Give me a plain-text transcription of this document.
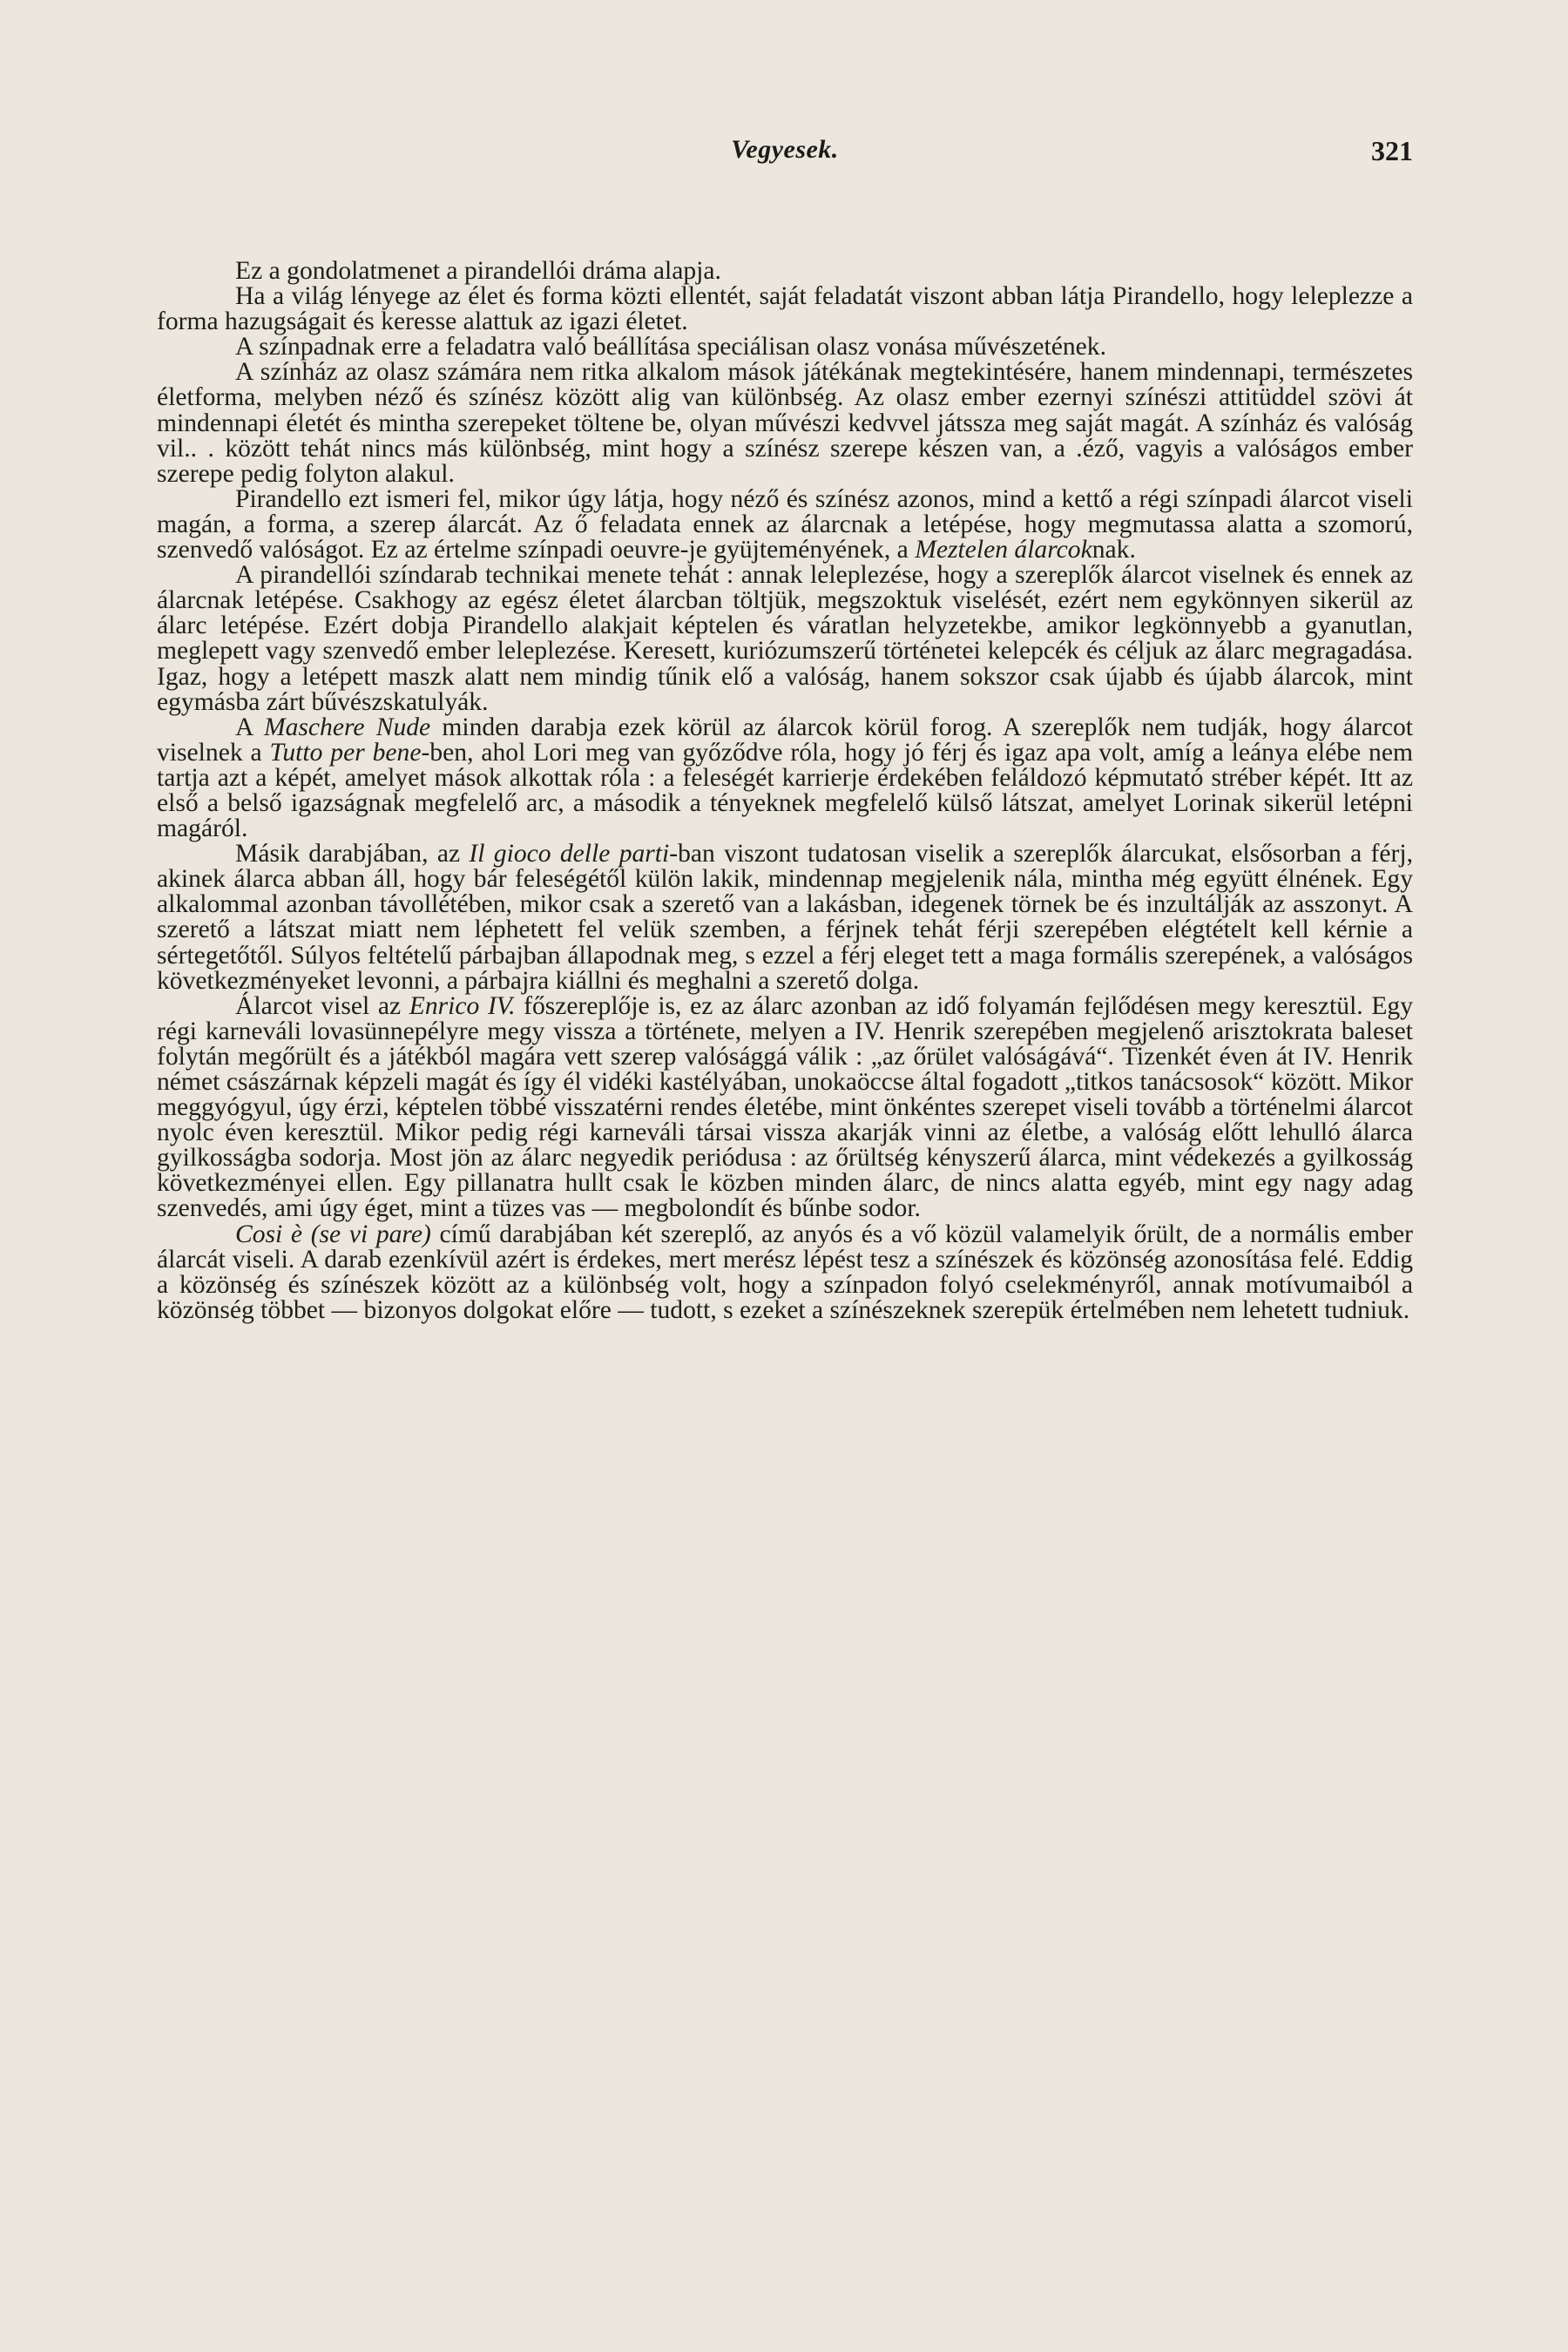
Vegyesek.	321

Ez a gondolatmenet a pirandellói dráma alapja.

Ha a világ lényege az élet és forma közti ellentét, saját feladatát viszont abban látja Pirandello, hogy leleplezze a forma hazugságait és keresse alattuk az igazi életet.

A színpadnak erre a feladatra való beállítása speciálisan olasz vonása művészetének.

A színház az olasz számára nem ritka alkalom mások játékának megtekintésére, hanem mindennapi, természetes életforma, melyben néző és színész között alig van különbség. Az olasz ember ezernyi színészi attitüddel szövi át mindennapi életét és mintha szerepeket töltene be, olyan művészi kedvvel játssza meg saját magát. A színház és valóság vil.. . között tehát nincs más különbség, mint hogy a színész szerepe készen van, a .éző, vagyis a valóságos ember szerepe pedig folyton alakul.

Pirandello ezt ismeri fel, mikor úgy látja, hogy néző és színész azonos, mind a kettő a régi színpadi álarcot viseli magán, a forma, a szerep álarcát. Az ő feladata ennek az álarcnak a letépése, hogy megmutassa alatta a szomorú, szenvedő valóságot. Ez az értelme színpadi oeuvre-je gyüjteményének, a Meztelen álarcoknak.

A pirandellói színdarab technikai menete tehát : annak leleplezése, hogy a szereplők álarcot viselnek és ennek az álarcnak letépése. Csakhogy az egész életet álarcban töltjük, megszoktuk viselését, ezért nem egykönnyen sikerül az álarc letépése. Ezért dobja Pirandello alakjait képtelen és váratlan helyzetekbe, amikor legkönnyebb a gyanutlan, meglepett vagy szenvedő ember leleplezése. Keresett, kuriózumszerű történetei kelepcék és céljuk az álarc megragadása. Igaz, hogy a letépett maszk alatt nem mindig tűnik elő a valóság, hanem sokszor csak újabb és újabb álarcok, mint egymásba zárt bűvészskatulyák.

A Maschere Nude minden darabja ezek körül az álarcok körül forog. A szereplők nem tudják, hogy álarcot viselnek a Tutto per bene-ben, ahol Lori meg van győződve róla, hogy jó férj és igaz apa volt, amíg a leánya elébe nem tartja azt a képét, amelyet mások alkottak róla : a feleségét karrierje érdekében feláldozó képmutató stréber képét. Itt az első a belső igazságnak megfelelő arc, a második a tényeknek megfelelő külső látszat, amelyet Lorinak sikerül letépni magáról.

Másik darabjában, az Il gioco delle parti-ban viszont tudatosan viselik a szereplők álarcukat, elsősorban a férj, akinek álarca abban áll, hogy bár feleségétől külön lakik, mindennap megjelenik nála, mintha még együtt élnének. Egy alkalommal azonban távollétében, mikor csak a szerető van a lakásban, idegenek törnek be és inzultálják az asszonyt. A szerető a látszat miatt nem léphetett fel velük szemben, a férjnek tehát férji szerepében elégtételt kell kérnie a sértegetőtől. Súlyos feltételű párbajban állapodnak meg, s ezzel a férj eleget tett a maga formális szerepének, a valóságos következményeket levonni, a párbajra kiállni és meghalni a szerető dolga.

Álarcot visel az Enrico IV. főszereplője is, ez az álarc azonban az idő folyamán fejlődésen megy keresztül. Egy régi karneváli lovasünnepélyre megy vissza a története, melyen a IV. Henrik szerepében megjelenő arisztokrata baleset folytán megőrült és a játékból magára vett szerep valósággá válik : „az őrület valóságává“. Tizenkét éven át IV. Henrik német császárnak képzeli magát és így él vidéki kastélyában, unokaöccse által fogadott „titkos tanácsosok“ között. Mikor meggyógyul, úgy érzi, képtelen többé visszatérni rendes életébe, mint önkéntes szerepet viseli tovább a történelmi álarcot nyolc éven keresztül. Mikor pedig régi karneváli társai vissza akarják vinni az életbe, a valóság előtt lehulló álarca gyilkosságba sodorja. Most jön az álarc negyedik periódusa : az őrültség kényszerű álarca, mint védekezés a gyilkosság következményei ellen. Egy pillanatra hullt csak le közben minden álarc, de nincs alatta egyéb, mint egy nagy adag szenvedés, ami úgy éget, mint a tüzes vas — megbolondít és bűnbe sodor.

Cosi è (se vi pare) című darabjában két szereplő, az anyós és a vő közül valamelyik őrült, de a normális ember álarcát viseli. A darab ezenkívül azért is érdekes, mert merész lépést tesz a színészek és közönség azonosítása felé. Eddig a közönség és színészek között az a különbség volt, hogy a színpadon folyó cselekményről, annak motívumaiból a közönség többet — bizonyos dolgokat előre — tudott, s ezeket a színészeknek szerepük értelmében nem lehetett tudniuk.
